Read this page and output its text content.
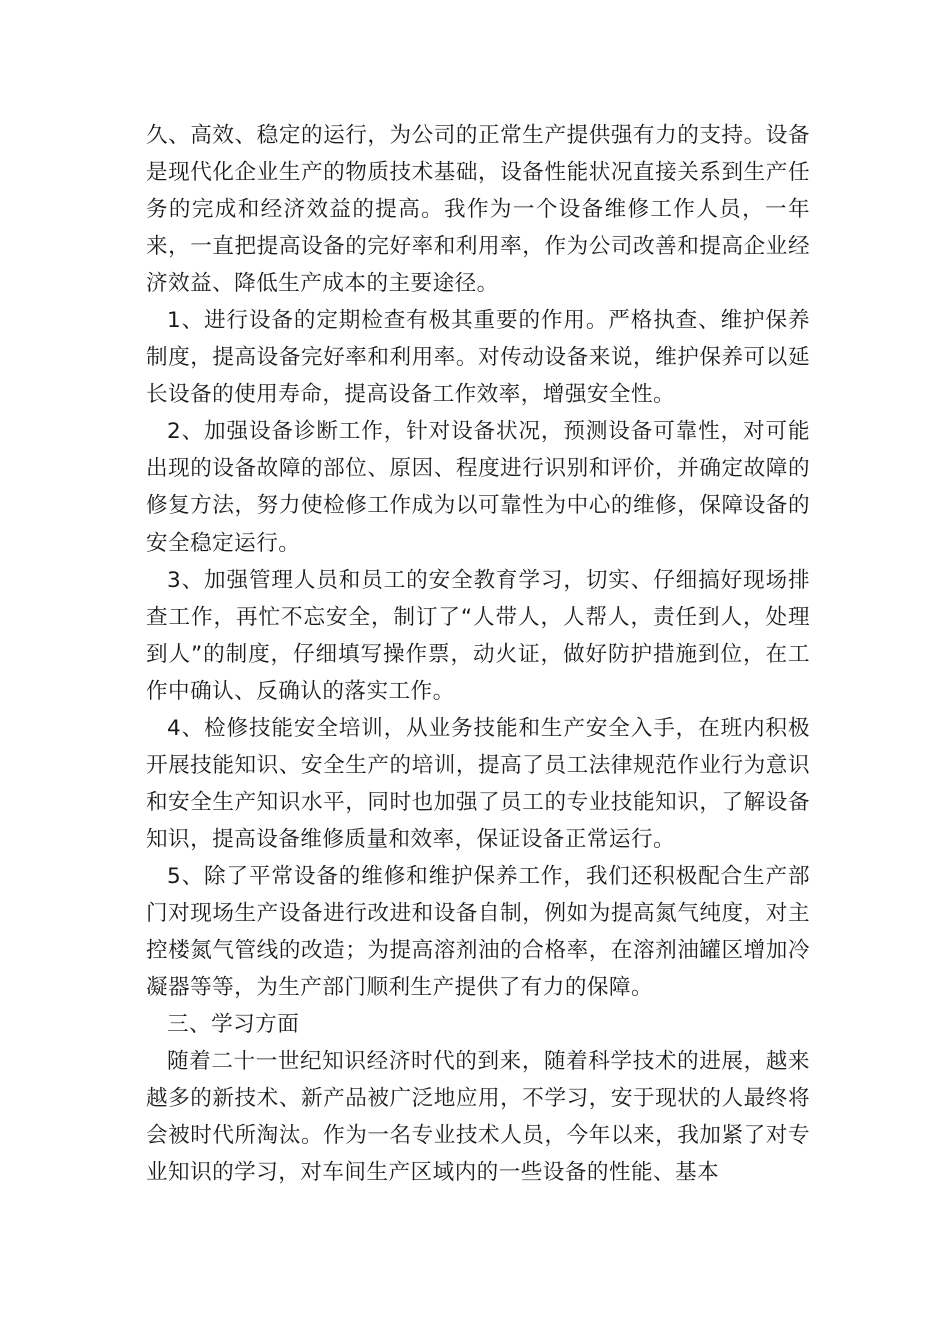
久、高效、稳定的运行，为公司的正常生产提供强有力的支持。设备是现代化企业生产的物质技术基础，设备性能状况直接关系到生产任务的完成和经济效益的提高。我作为一个设备维修工作人员，一年来，一直把提高设备的完好率和利用率，作为公司改善和提高企业经济效益、降低生产成本的主要途径。

1、进行设备的定期检查有极其重要的作用。严格执查、维护保养制度，提高设备完好率和利用率。对传动设备来说，维护保养可以延长设备的使用寿命，提高设备工作效率，增强安全性。

2、加强设备诊断工作，针对设备状况，预测设备可靠性，对可能出现的设备故障的部位、原因、程度进行识别和评价，并确定故障的修复方法，努力使检修工作成为以可靠性为中心的维修，保障设备的安全稳定运行。

3、加强管理人员和员工的安全教育学习，切实、仔细搞好现场排查工作，再忙不忘安全，制订了“人带人，人帮人，责任到人，处理到人”的制度，仔细填写操作票，动火证，做好防护措施到位，在工作中确认、反确认的落实工作。

4、检修技能安全培训，从业务技能和生产安全入手，在班内积极开展技能知识、安全生产的培训，提高了员工法律规范作业行为意识和安全生产知识水平，同时也加强了员工的专业技能知识，了解设备知识，提高设备维修质量和效率，保证设备正常运行。

5、除了平常设备的维修和维护保养工作，我们还积极配合生产部门对现场生产设备进行改进和设备自制，例如为提高氮气纯度，对主控楼氮气管线的改造；为提高溶剂油的合格率，在溶剂油罐区增加冷凝器等等，为生产部门顺利生产提供了有力的保障。

三、学习方面

随着二十一世纪知识经济时代的到来，随着科学技术的进展，越来越多的新技术、新产品被广泛地应用，不学习，安于现状的人最终将会被时代所淘汰。作为一名专业技术人员，今年以来，我加紧了对专业知识的学习，对车间生产区域内的一些设备的性能、基本
